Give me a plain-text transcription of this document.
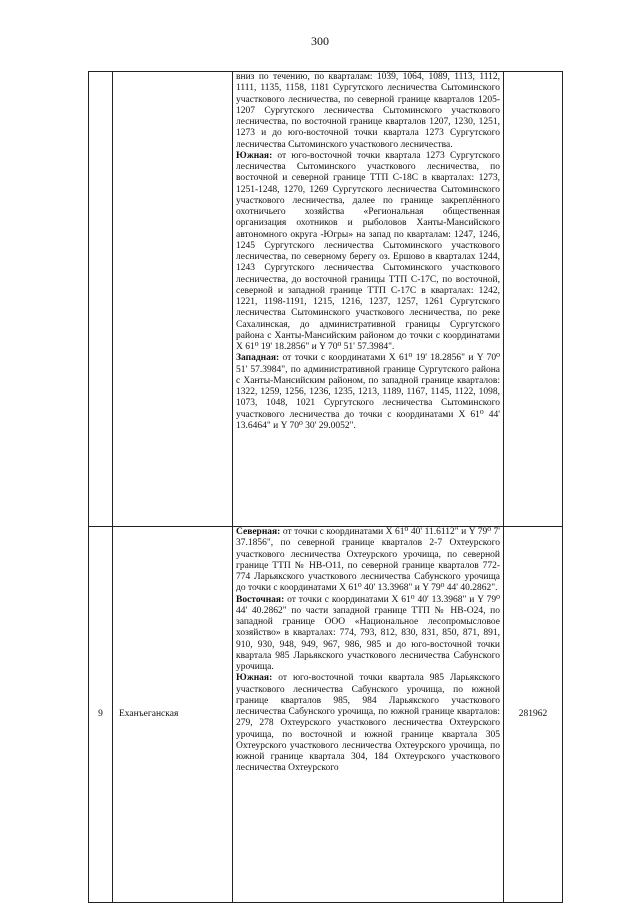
300

		вниз по течению, по кварталам: 1039, 1064, 1089, 1113, 1112, 1111, 1135, 1158, 1181 Сургутского лесничества Сытоминского участкового лесничества, по северной границе кварталов 1205-1207 Сургутского лесничества Сытоминского участкового лесничества, по восточной границе кварталов 1207, 1230, 1251, 1273 и до юго-восточной точки квартала 1273 Сургутского лесничества Сытоминского участкового лесничества.

Южная: от юго-восточной точки квартала 1273 Сургутского лесничества Сытоминского участкового лесничества, по восточной и северной границе ТТП С-18С в кварталах: 1273, 1251-1248, 1270, 1269 Сургутского лесничества Сытоминского участкового лесничества, далее по границе закреплённого охотничьего хозяйства «Региональная общественная организация охотников и рыболовов Ханты-Мансийского автономного округа -Югры» на запад по кварталам: 1247, 1246, 1245 Сургутского лесничества Сытоминского участкового лесничества, по северному берегу оз. Ершово в кварталах 1244, 1243 Сургутского лесничества Сытоминского участкового лесничества, до восточной границы ТТП С-17С, по восточной, северной и западной границе ТТП С-17С в кварталах: 1242, 1221, 1198-1191, 1215, 1216, 1237, 1257, 1261 Сургутского лесничества Сытоминского участкового лесничества, по реке Сахалинская, до административной границы Сургутского района с Ханты-Мансийским районом до точки с координатами X 61⁰ 19' 18.2856" и Y 70⁰ 51' 57.3984".

Западная: от точки с координатами X 61⁰ 19' 18.2856" и Y 70⁰ 51' 57.3984", по административной границе Сургутского района с Ханты-Мансийским районом, по западной границе кварталов: 1322, 1259, 1256, 1236, 1235, 1213, 1189, 1167, 1145, 1122, 1098, 1073, 1048, 1021 Сургутского лесничества Сытоминского участкового лесничества до точки с координатами X 61⁰ 44' 13.6464" и Y 70⁰ 30' 29.0052".	

9	Еханъеганская	Северная: от точки с координатами X 61⁰ 40' 11.6112" и Y 79⁰ 7' 37.1856", по северной границе кварталов 2-7 Охтеурского участкового лесничества Охтеурского урочища, по северной границе ТТП № НВ-О11, по северной границе кварталов 772-774 Ларьякского участкового лесничества Сабунского урочища до точки с координатами X 61⁰ 40' 13.3968" и Y 79⁰ 44' 40.2862".

Восточная: от точки с координатами X 61⁰ 40' 13.3968" и Y 79⁰ 44' 40.2862" по части западной границе ТТП № НВ-О24, по западной границе ООО «Национальное лесопромысловое хозяйство» в кварталах: 774, 793, 812, 830, 831, 850, 871, 891, 910, 930, 948, 949, 967, 986, 985 и до юго-восточной точки квартала 985 Ларьякского участкового лесничества Сабунского урочища.

Южная: от юго-восточной точки квартала 985 Ларьякского участкового лесничества Сабунского урочища, по южной границе кварталов 985, 984 Ларьякского участкового лесничества Сабунского урочища, по южной границе кварталов: 279, 278 Охтеурского участкового лесничества Охтеурского урочища, по восточной и южной границе квартала 305 Охтеурского участкового лесничества Охтеурского урочища, по южной границе квартала 304, 184 Охтеурского участкового лесничества Охтеурского	281962
